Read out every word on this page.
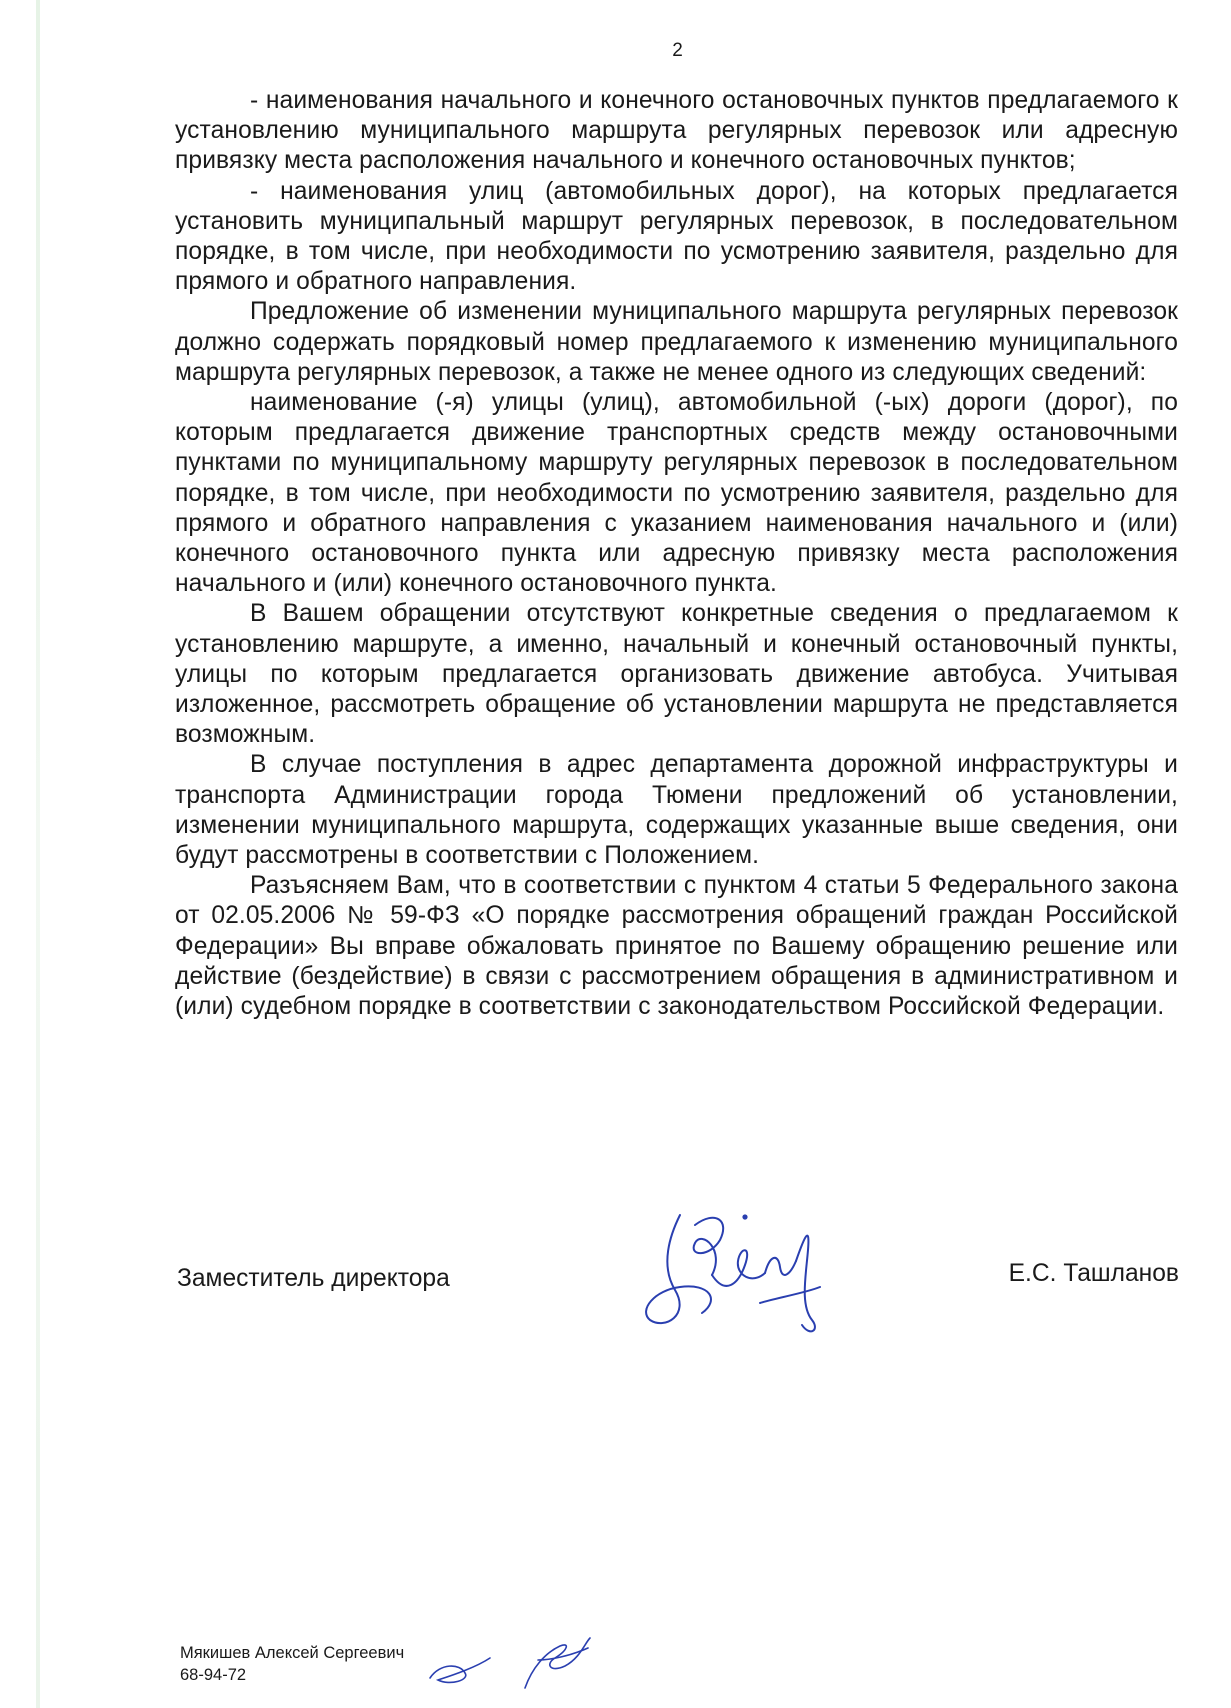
2

- наименования начального и конечного остановочных пунктов предлагаемого к установлению муниципального маршрута регулярных перевозок или адресную привязку места расположения начального и конечного остановочных пунктов;

- наименования улиц (автомобильных дорог), на которых предлагается установить муниципальный маршрут регулярных перевозок, в последовательном порядке, в том числе, при необходимости по усмотрению заявителя, раздельно для прямого и обратного направления.

Предложение об изменении муниципального маршрута регулярных перевозок должно содержать порядковый номер предлагаемого к изменению муниципального маршрута регулярных перевозок, а также не менее одного из следующих сведений:

наименование (-я) улицы (улиц), автомобильной (-ых) дороги (дорог), по которым предлагается движение транспортных средств между остановочными пунктами по муниципальному маршруту регулярных перевозок в последовательном порядке, в том числе, при необходимости по усмотрению заявителя, раздельно для прямого и обратного направления с указанием наименования начального и (или) конечного остановочного пункта или адресную привязку места расположения начального и (или) конечного остановочного пункта.

В Вашем обращении отсутствуют конкретные сведения о предлагаемом к установлению маршруте, а именно, начальный и конечный остановочный пункты, улицы по которым предлагается организовать движение автобуса. Учитывая изложенное, рассмотреть обращение об установлении маршрута не представляется возможным.

В случае поступления в адрес департамента дорожной инфраструктуры и транспорта Администрации города Тюмени предложений об установлении, изменении муниципального маршрута, содержащих указанные выше сведения, они будут рассмотрены в соответствии с Положением.

Разъясняем Вам, что в соответствии с пунктом 4 статьи 5 Федерального закона от 02.05.2006 № 59-ФЗ «О порядке рассмотрения обращений граждан Российской Федерации» Вы вправе обжаловать принятое по Вашему обращению решение или действие (бездействие) в связи с рассмотрением обращения в административном и (или) судебном порядке в соответствии с законодательством Российской Федерации.

Заместитель директора	Е.С. Ташланов
Мякишев Алексей Сергеевич
68-94-72
